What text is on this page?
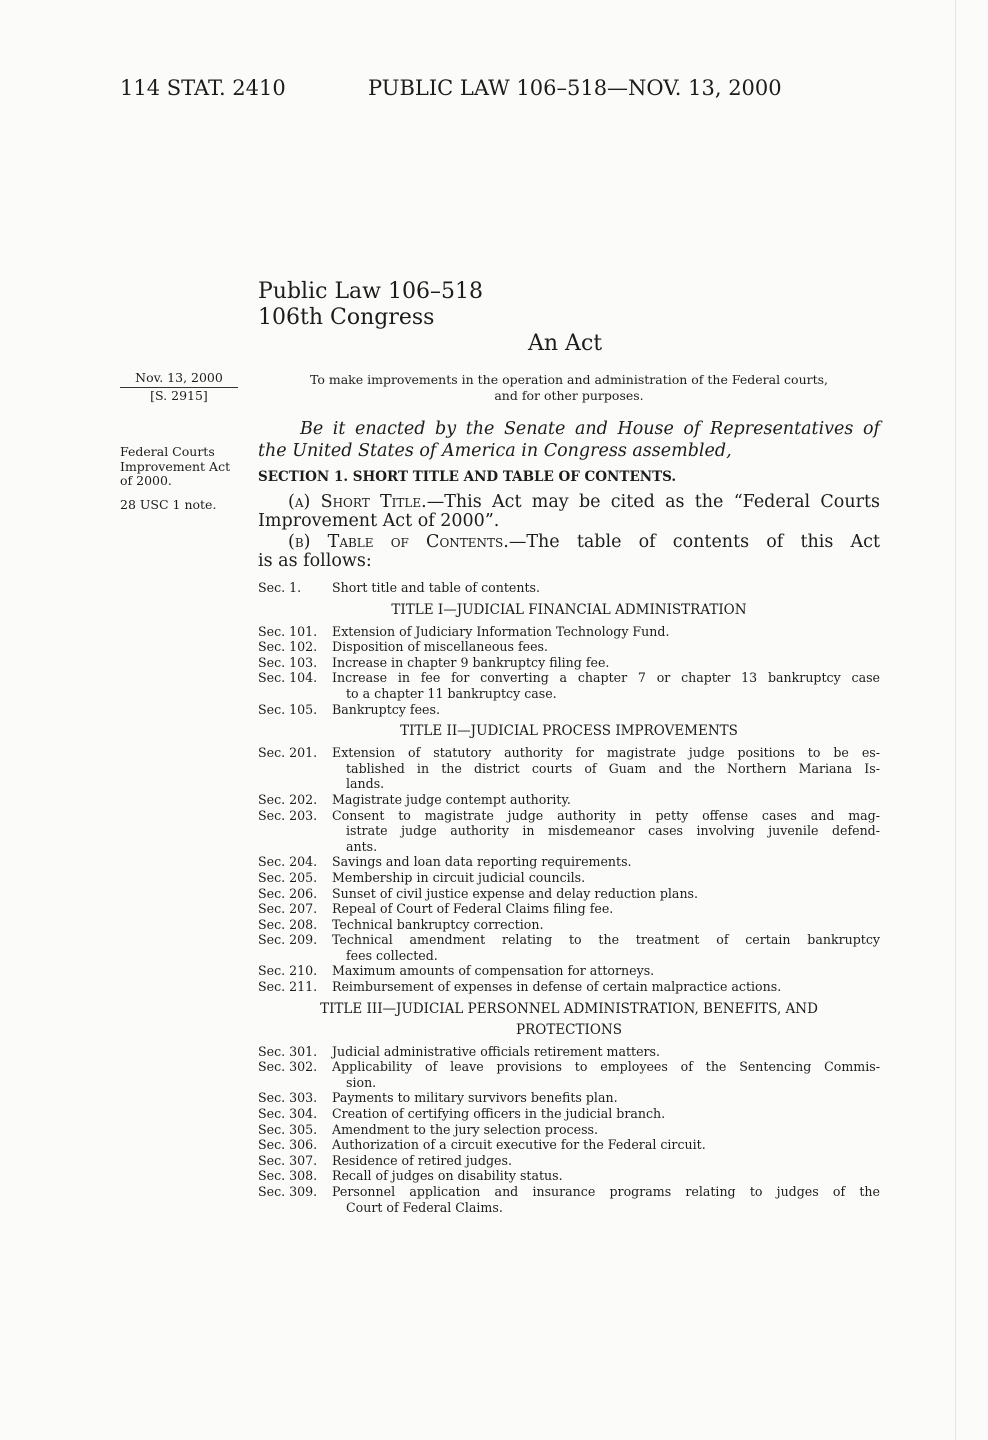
114 STAT. 2410	PUBLIC LAW 106–518—NOV. 13, 2000
Public Law 106–518
106th Congress
An Act
Nov. 13, 2000
[S. 2915]
Federal Courts
Improvement Act
of 2000.
28 USC 1 note.
To make improvements in the operation and administration of the Federal courts,
and for other purposes.
Be it enacted by the Senate and House of Representatives of
the United States of America in Congress assembled,
SECTION 1. SHORT TITLE AND TABLE OF CONTENTS.
(a) Short Title.—This Act may be cited as the “Federal Courts
Improvement Act of 2000”.
(b) Table of Contents.—The table of contents of this Act
is as follows:
Sec. 1.	Short title and table of contents.
TITLE I—JUDICIAL FINANCIAL ADMINISTRATION
Sec. 101.	Extension of Judiciary Information Technology Fund.
Sec. 102.	Disposition of miscellaneous fees.
Sec. 103.	Increase in chapter 9 bankruptcy filing fee.
Sec. 104.	Increase in fee for converting a chapter 7 or chapter 13 bankruptcy case
to a chapter 11 bankruptcy case.
Sec. 105.	Bankruptcy fees.
TITLE II—JUDICIAL PROCESS IMPROVEMENTS
Sec. 201.	Extension of statutory authority for magistrate judge positions to be es-
tablished in the district courts of Guam and the Northern Mariana Is-
lands.
Sec. 202.	Magistrate judge contempt authority.
Sec. 203.	Consent to magistrate judge authority in petty offense cases and mag-
istrate judge authority in misdemeanor cases involving juvenile defend-
ants.
Sec. 204.	Savings and loan data reporting requirements.
Sec. 205.	Membership in circuit judicial councils.
Sec. 206.	Sunset of civil justice expense and delay reduction plans.
Sec. 207.	Repeal of Court of Federal Claims filing fee.
Sec. 208.	Technical bankruptcy correction.
Sec. 209.	Technical amendment relating to the treatment of certain bankruptcy
fees collected.
Sec. 210.	Maximum amounts of compensation for attorneys.
Sec. 211.	Reimbursement of expenses in defense of certain malpractice actions.
TITLE III—JUDICIAL PERSONNEL ADMINISTRATION, BENEFITS, AND
PROTECTIONS
Sec. 301.	Judicial administrative officials retirement matters.
Sec. 302.	Applicability of leave provisions to employees of the Sentencing Commis-
sion.
Sec. 303.	Payments to military survivors benefits plan.
Sec. 304.	Creation of certifying officers in the judicial branch.
Sec. 305.	Amendment to the jury selection process.
Sec. 306.	Authorization of a circuit executive for the Federal circuit.
Sec. 307.	Residence of retired judges.
Sec. 308.	Recall of judges on disability status.
Sec. 309.	Personnel application and insurance programs relating to judges of the
Court of Federal Claims.
